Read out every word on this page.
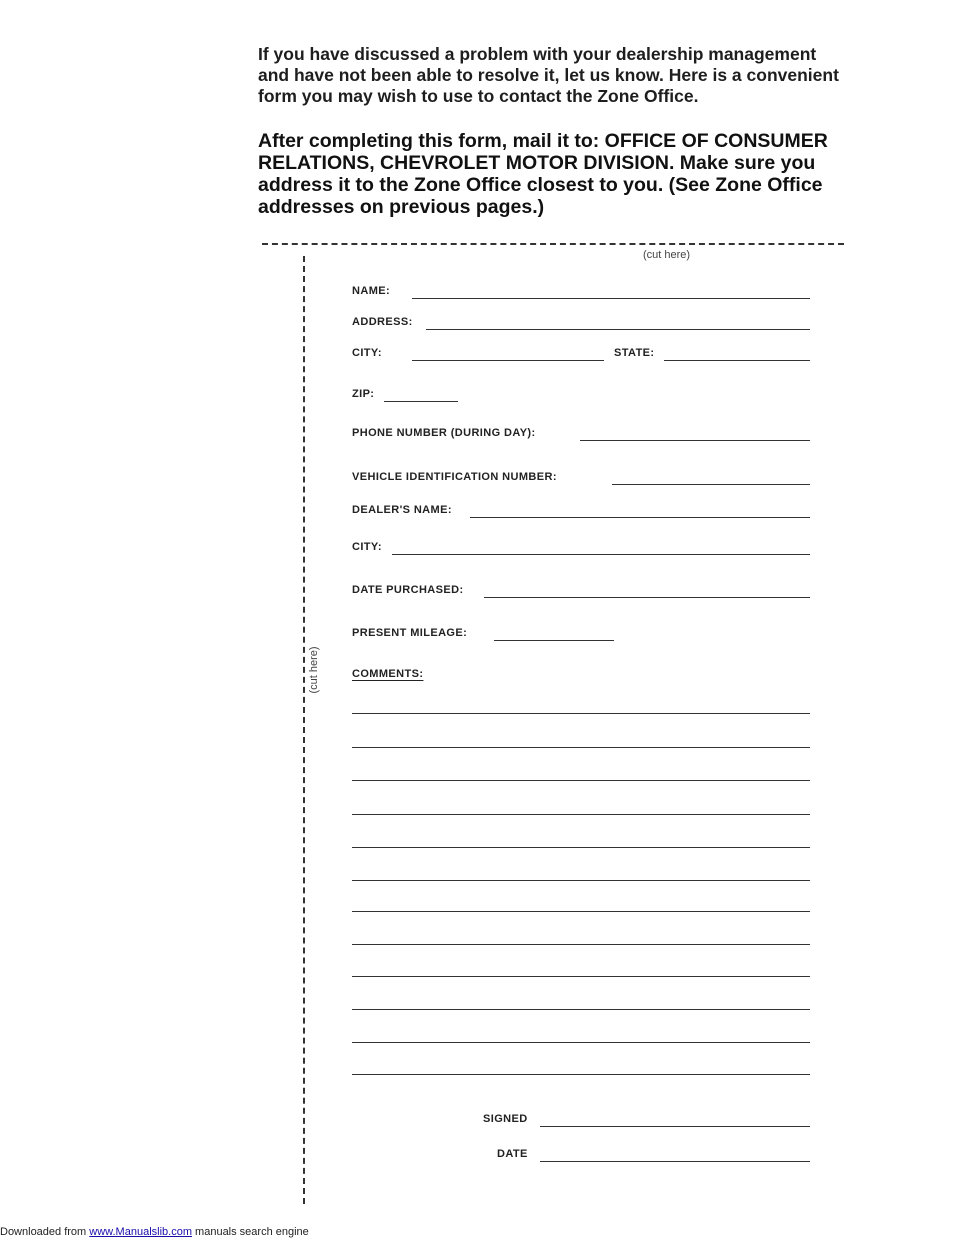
If you have discussed a problem with your dealership management and have not been able to resolve it, let us know. Here is a convenient form you may wish to use to contact the Zone Office.
After completing this form, mail it to: OFFICE OF CONSUMER RELATIONS, CHEVROLET MOTOR DIVISION. Make sure you address it to the Zone Office closest to you. (See Zone Office addresses on previous pages.)
(cut here)
(cut here)
NAME:
ADDRESS:
CITY:	STATE:
ZIP:
PHONE NUMBER (DURING DAY):
VEHICLE IDENTIFICATION NUMBER:
DEALER'S NAME:
CITY:
DATE PURCHASED:
PRESENT MILEAGE:
COMMENTS:
SIGNED
DATE
Downloaded from www.Manualslib.com manuals search engine
